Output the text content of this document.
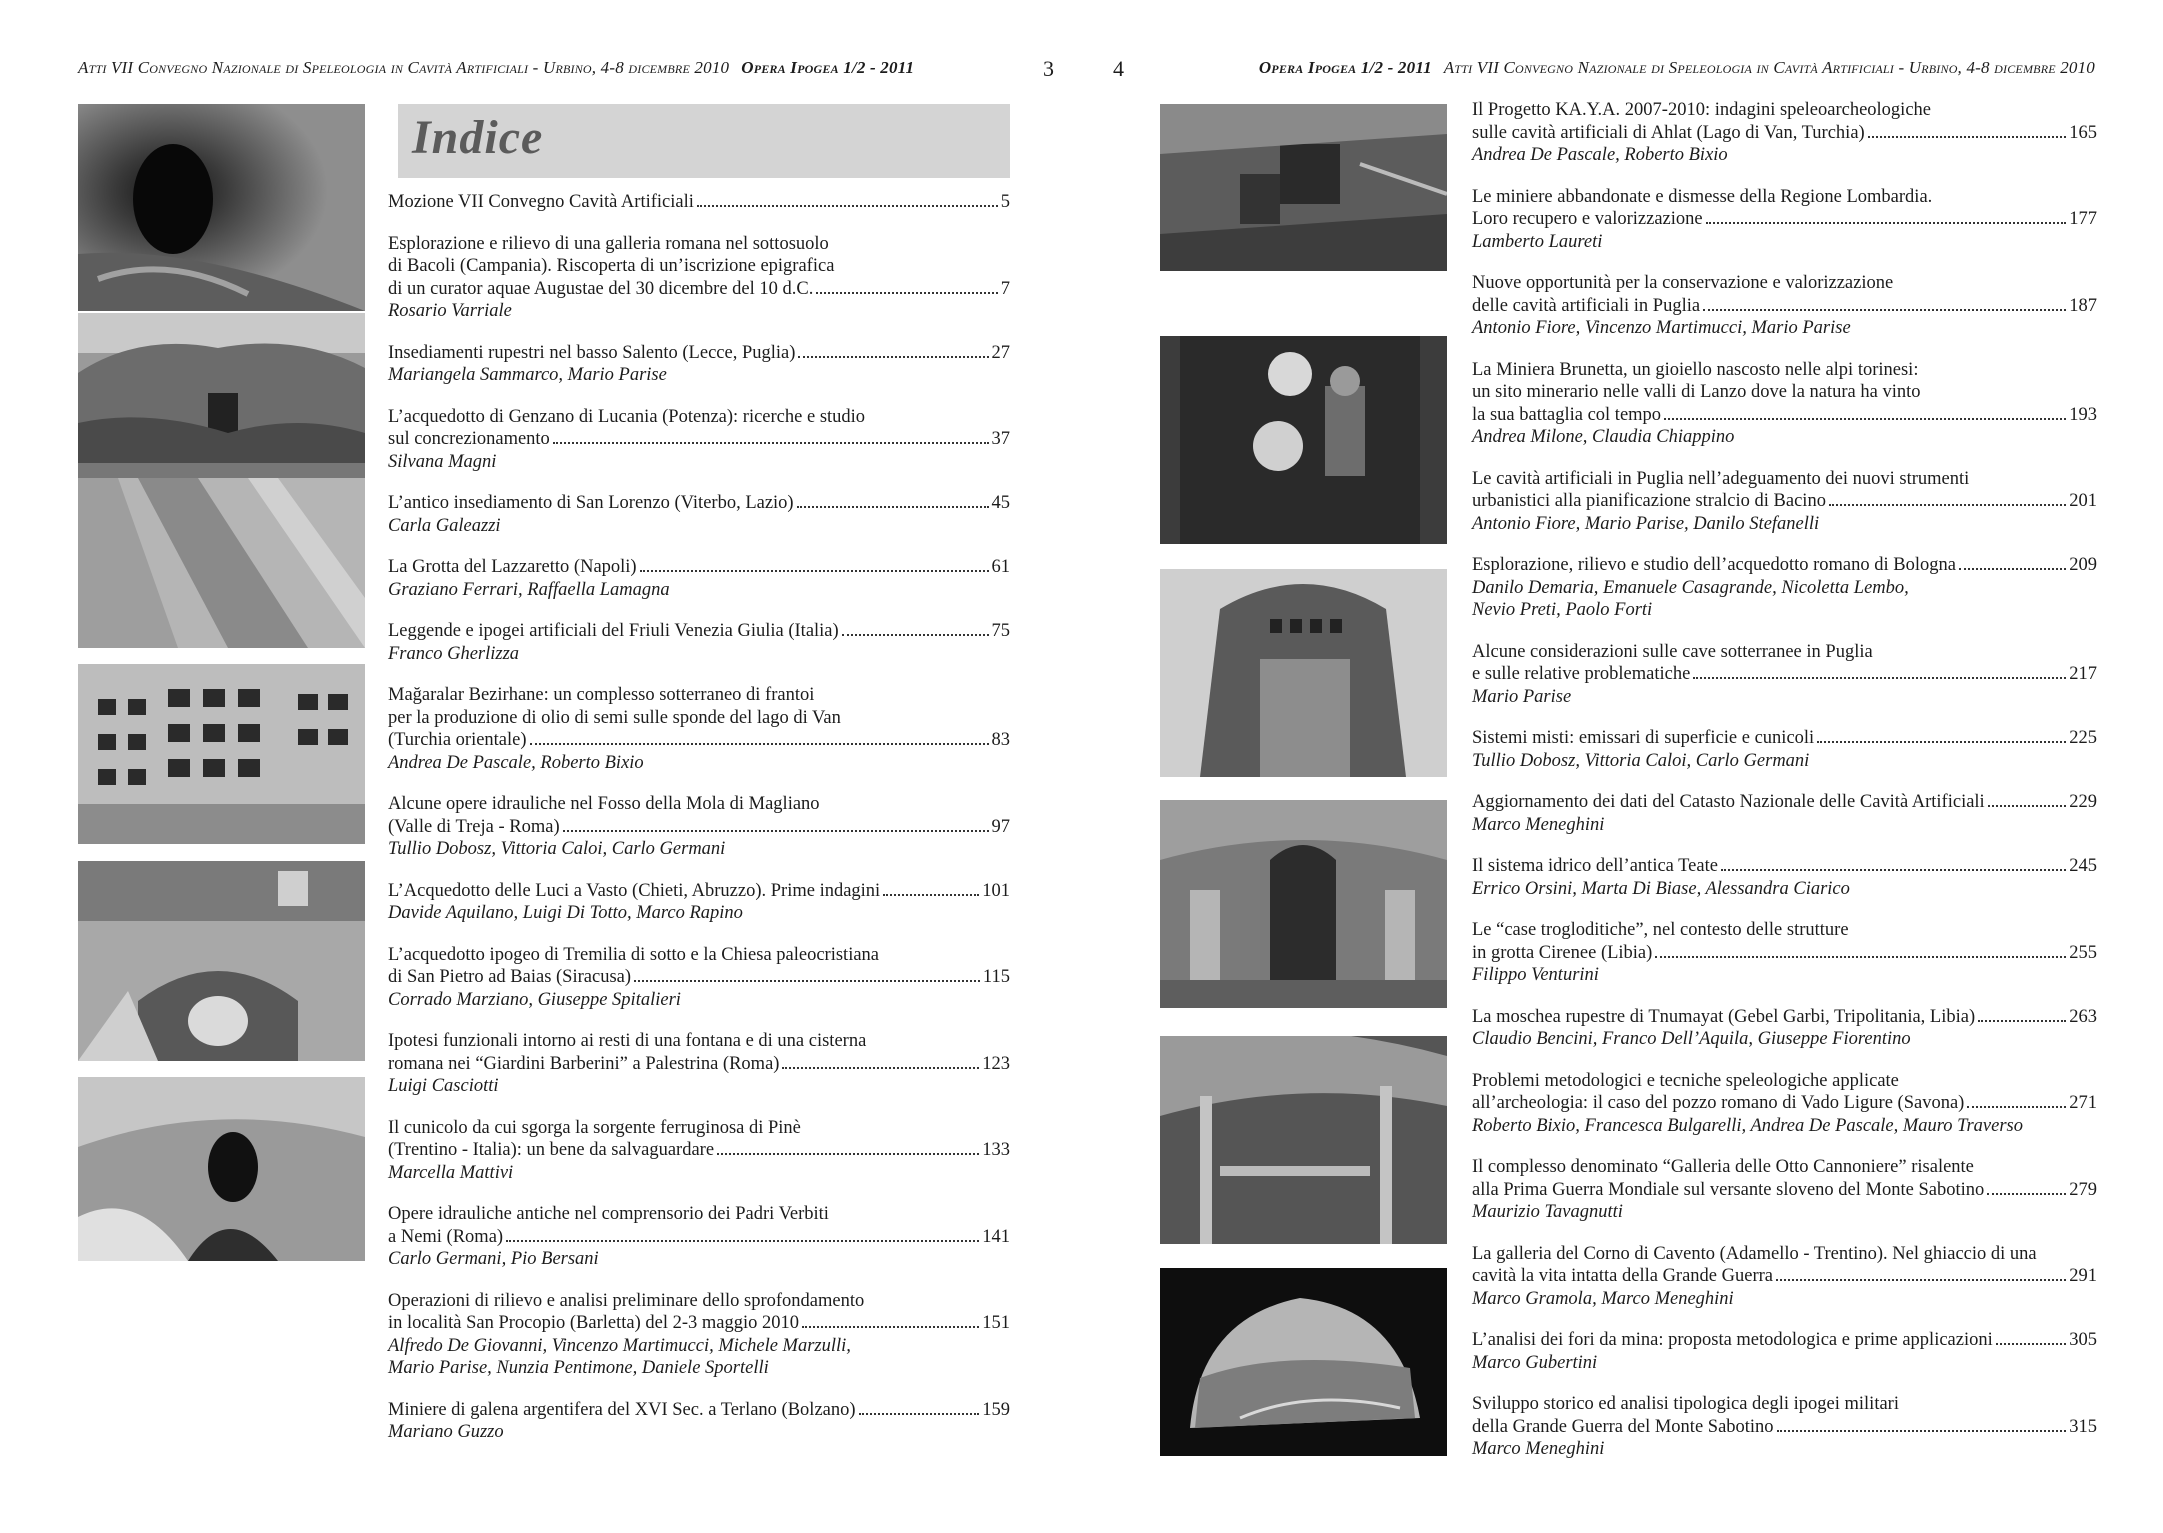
Atti VII Convegno Nazionale di Speleologia in Cavità Artificiali - Urbino, 4-8 dicembre 2010 Opera Ipogea 1/2 - 2011	3	4	Opera Ipogea 1/2 - 2011 Atti VII Convegno Nazionale di Speleologia in Cavità Artificiali - Urbino, 4-8 dicembre 2010
Indice
Mozione VII Convegno Cavità Artificiali	5
Esplorazione e rilievo di una galleria romana nel sottosuolo
di Bacoli (Campania). Riscoperta di un’iscrizione epigrafica
di un curator aquae Augustae del 30 dicembre del 10 d.C.	7
Rosario Varriale
Insediamenti rupestri nel basso Salento (Lecce, Puglia)	27
Mariangela Sammarco, Mario Parise
L’acquedotto di Genzano di Lucania (Potenza): ricerche e studio
sul concrezionamento	37
Silvana Magni
L’antico insediamento di San Lorenzo (Viterbo, Lazio)	45
Carla Galeazzi
La Grotta del Lazzaretto (Napoli)	61
Graziano Ferrari, Raffaella Lamagna
Leggende e ipogei artificiali del Friuli Venezia Giulia (Italia)	75
Franco Gherlizza
Mağaralar Bezirhane: un complesso sotterraneo di frantoi
per la produzione di olio di semi sulle sponde del lago di Van
(Turchia orientale)	83
Andrea De Pascale, Roberto Bixio
Alcune opere idrauliche nel Fosso della Mola di Magliano
(Valle di Treja - Roma)	97
Tullio Dobosz, Vittoria Caloi, Carlo Germani
L’Acquedotto delle Luci a Vasto (Chieti, Abruzzo). Prime indagini	101
Davide Aquilano, Luigi Di Totto, Marco Rapino
L’acquedotto ipogeo di Tremilia di sotto e la Chiesa paleocristiana
di San Pietro ad Baias (Siracusa)	115
Corrado Marziano, Giuseppe Spitalieri
Ipotesi funzionali intorno ai resti di una fontana e di una cisterna
romana nei “Giardini Barberini” a Palestrina (Roma)	123
Luigi Casciotti
Il cunicolo da cui sgorga la sorgente ferruginosa di Pinè
(Trentino - Italia): un bene da salvaguardare	133
Marcella Mattivi
Opere idrauliche antiche nel comprensorio dei Padri Verbiti
a Nemi (Roma)	141
Carlo Germani, Pio Bersani
Operazioni di rilievo e analisi preliminare dello sprofondamento
in località San Procopio (Barletta) del 2-3 maggio 2010	151
Alfredo De Giovanni, Vincenzo Martimucci, Michele Marzulli,
Mario Parise, Nunzia Pentimone, Daniele Sportelli
Miniere di galena argentifera del XVI Sec. a Terlano (Bolzano)	159
Mariano Guzzo
Il Progetto KA.Y.A. 2007-2010: indagini speleoarcheologiche
sulle cavità artificiali di Ahlat (Lago di Van, Turchia)	165
Andrea De Pascale, Roberto Bixio
Le miniere abbandonate e dismesse della Regione Lombardia.
Loro recupero e valorizzazione	177
Lamberto Laureti
Nuove opportunità per la conservazione e valorizzazione
delle cavità artificiali in Puglia	187
Antonio Fiore, Vincenzo Martimucci, Mario Parise
La Miniera Brunetta, un gioiello nascosto nelle alpi torinesi:
un sito minerario nelle valli di Lanzo dove la natura ha vinto
la sua battaglia col tempo	193
Andrea Milone, Claudia Chiappino
Le cavità artificiali in Puglia nell’adeguamento dei nuovi strumenti
urbanistici alla pianificazione stralcio di Bacino	201
Antonio Fiore, Mario Parise, Danilo Stefanelli
Esplorazione, rilievo e studio dell’acquedotto romano di Bologna	209
Danilo Demaria, Emanuele Casagrande, Nicoletta Lembo,
Nevio Preti, Paolo Forti
Alcune considerazioni sulle cave sotterranee in Puglia
e sulle relative problematiche	217
Mario Parise
Sistemi misti: emissari di superficie e cunicoli	225
Tullio Dobosz, Vittoria Caloi, Carlo Germani
Aggiornamento dei dati del Catasto Nazionale delle Cavità Artificiali	229
Marco Meneghini
Il sistema idrico dell’antica Teate	245
Errico Orsini, Marta Di Biase, Alessandra Ciarico
Le “case trogloditiche”, nel contesto delle strutture
in grotta Cirenee (Libia)	255
Filippo Venturini
La moschea rupestre di Tnumayat (Gebel Garbi, Tripolitania, Libia)	263
Claudio Bencini, Franco Dell’Aquila, Giuseppe Fiorentino
Problemi metodologici e tecniche speleologiche applicate
all’archeologia: il caso del pozzo romano di Vado Ligure (Savona)	271
Roberto Bixio, Francesca Bulgarelli, Andrea De Pascale, Mauro Traverso
Il complesso denominato “Galleria delle Otto Cannoniere” risalente
alla Prima Guerra Mondiale sul versante sloveno del Monte Sabotino	279
Maurizio Tavagnutti
La galleria del Corno di Cavento (Adamello - Trentino). Nel ghiaccio di una
cavità la vita intatta della Grande Guerra	291
Marco Gramola, Marco Meneghini
L’analisi dei fori da mina: proposta metodologica e prime applicazioni	305
Marco Gubertini
Sviluppo storico ed analisi tipologica degli ipogei militari
della Grande Guerra del Monte Sabotino	315
Marco Meneghini
